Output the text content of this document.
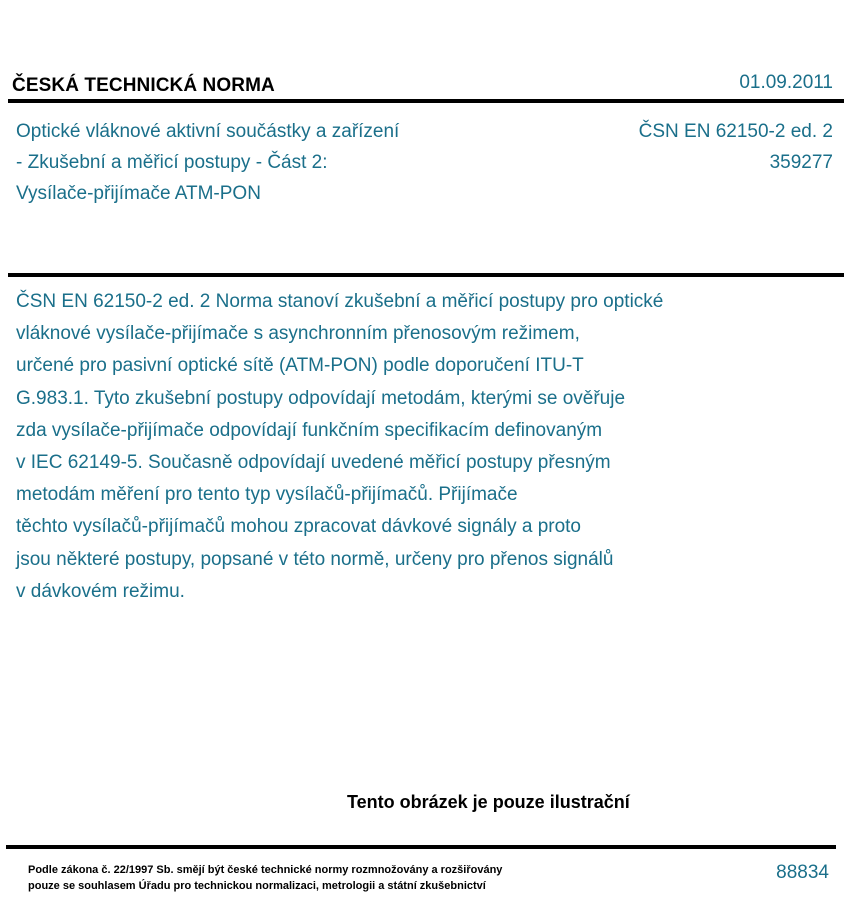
ČESKÁ TECHNICKÁ NORMA	01.09.2011
Optické vláknové aktivní součástky a zařízení
- Zkušební a měřicí postupy - Část 2:
Vysílače-přijímače ATM-PON
ČSN EN 62150-2 ed. 2
359277
ČSN EN 62150-2 ed. 2 Norma stanoví zkušební a měřicí postupy pro optické
vláknové vysílače-přijímače s asynchronním přenosovým režimem,
určené pro pasivní optické sítě (ATM-PON) podle doporučení ITU-T
G.983.1. Tyto zkušební postupy odpovídají metodám, kterými se ověřuje
zda vysílače-přijímače odpovídají funkčním specifikacím definovaným
v IEC 62149-5. Současně odpovídají uvedené měřicí postupy přesným
metodám měření pro tento typ vysílačů-přijímačů. Přijímače
těchto vysílačů-přijímačů mohou zpracovat dávkové signály a proto
jsou některé postupy, popsané v této normě, určeny pro přenos signálů
v dávkovém režimu.
Tento obrázek je pouze ilustrační
Podle zákona č. 22/1997 Sb. smějí být české technické normy rozmnožovány a rozšiřovány
pouze se souhlasem Úřadu pro technickou normalizaci, metrologii a státní zkušebnictví
88834
